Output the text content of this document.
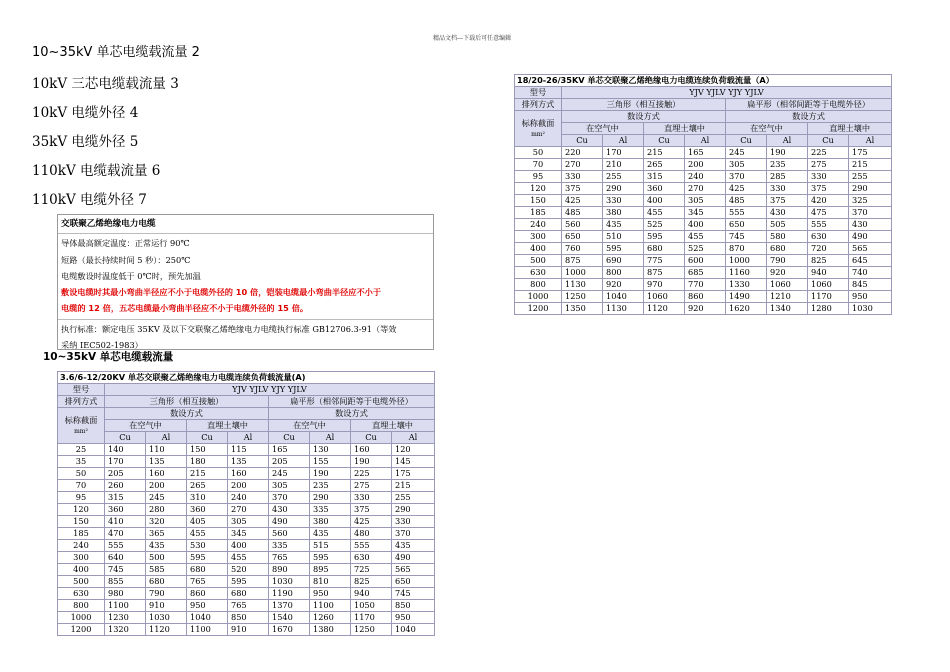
精品文档---下载后可任意编辑
10~35kV 单芯电缆载流量 2
10kV 三芯电缆载流量 3
10kV 电缆外径 4
35kV 电缆外径 5
110kV 电缆载流量 6
110kV 电缆外径 7
交联聚乙烯绝缘电力电缆
导体最高额定温度：正常运行 90℃
短路（最长持续时间 5 秒）：250℃
电缆敷设时温度低于 0℃时，预先加温
敷设电缆时其最小弯曲半径应不小于电缆外径的 10 倍，铠装电缆最小弯曲半径应不小于
电缆的 12 倍，五芯电缆最小弯曲半径应不小于电缆外径的 15 倍。
执行标准：额定电压 35KV 及以下交联聚乙烯绝缘电力电缆执行标准 GB12706.3-91（等效
采纳 IEC502-1983）
10~35kV 单芯电缆载流量
3.6/6-12/20KV 单芯交联聚乙烯绝缘电力电缆连续负荷载流量(A)								
型号	YJV YJLV YJY YJLV							
排列方式	三角形（相互接触）				扁平形（相邻间距等于电缆外径）			
标称截面
mm²	数设方式				数设方式			
	在空气中		直埋土壤中		在空气中		直埋土壤中	
	Cu	Al	Cu	Al	Cu	Al	Cu	Al
25	140	110	150	115	165	130	160	120
35	170	135	180	135	205	155	190	145
50	205	160	215	160	245	190	225	175
70	260	200	265	200	305	235	275	215
95	315	245	310	240	370	290	330	255
120	360	280	360	270	430	335	375	290
150	410	320	405	305	490	380	425	330
185	470	365	455	345	560	435	480	370
240	555	435	530	400	335	515	555	435
300	640	500	595	455	765	595	630	490
400	745	585	680	520	890	895	725	565
500	855	680	765	595	1030	810	825	650
630	980	790	860	680	1190	950	940	745
800	1100	910	950	765	1370	1100	1050	850
1000	1230	1030	1040	850	1540	1260	1170	950
1200	1320	1120	1100	910	1670	1380	1250	1040
18/20-26/35KV 单芯交联聚乙烯绝缘电力电缆连续负荷载流量（A）								
型号	YJV YJLV YJY YJLV							
排列方式	三角形（相互接触）				扁平形（相邻间距等于电缆外径）			
标称截面
mm²	数设方式				数设方式			
	在空气中		直埋土壤中		在空气中		直埋土壤中	
	Cu	Al	Cu	Al	Cu	Al	Cu	Al
50	220	170	215	165	245	190	225	175
70	270	210	265	200	305	235	275	215
95	330	255	315	240	370	285	330	255
120	375	290	360	270	425	330	375	290
150	425	330	400	305	485	375	420	325
185	485	380	455	345	555	430	475	370
240	560	435	525	400	650	505	555	430
300	650	510	595	455	745	580	630	490
400	760	595	680	525	870	680	720	565
500	875	690	775	600	1000	790	825	645
630	1000	800	875	685	1160	920	940	740
800	1130	920	970	770	1330	1060	1060	845
1000	1250	1040	1060	860	1490	1210	1170	950
1200	1350	1130	1120	920	1620	1340	1280	1030
